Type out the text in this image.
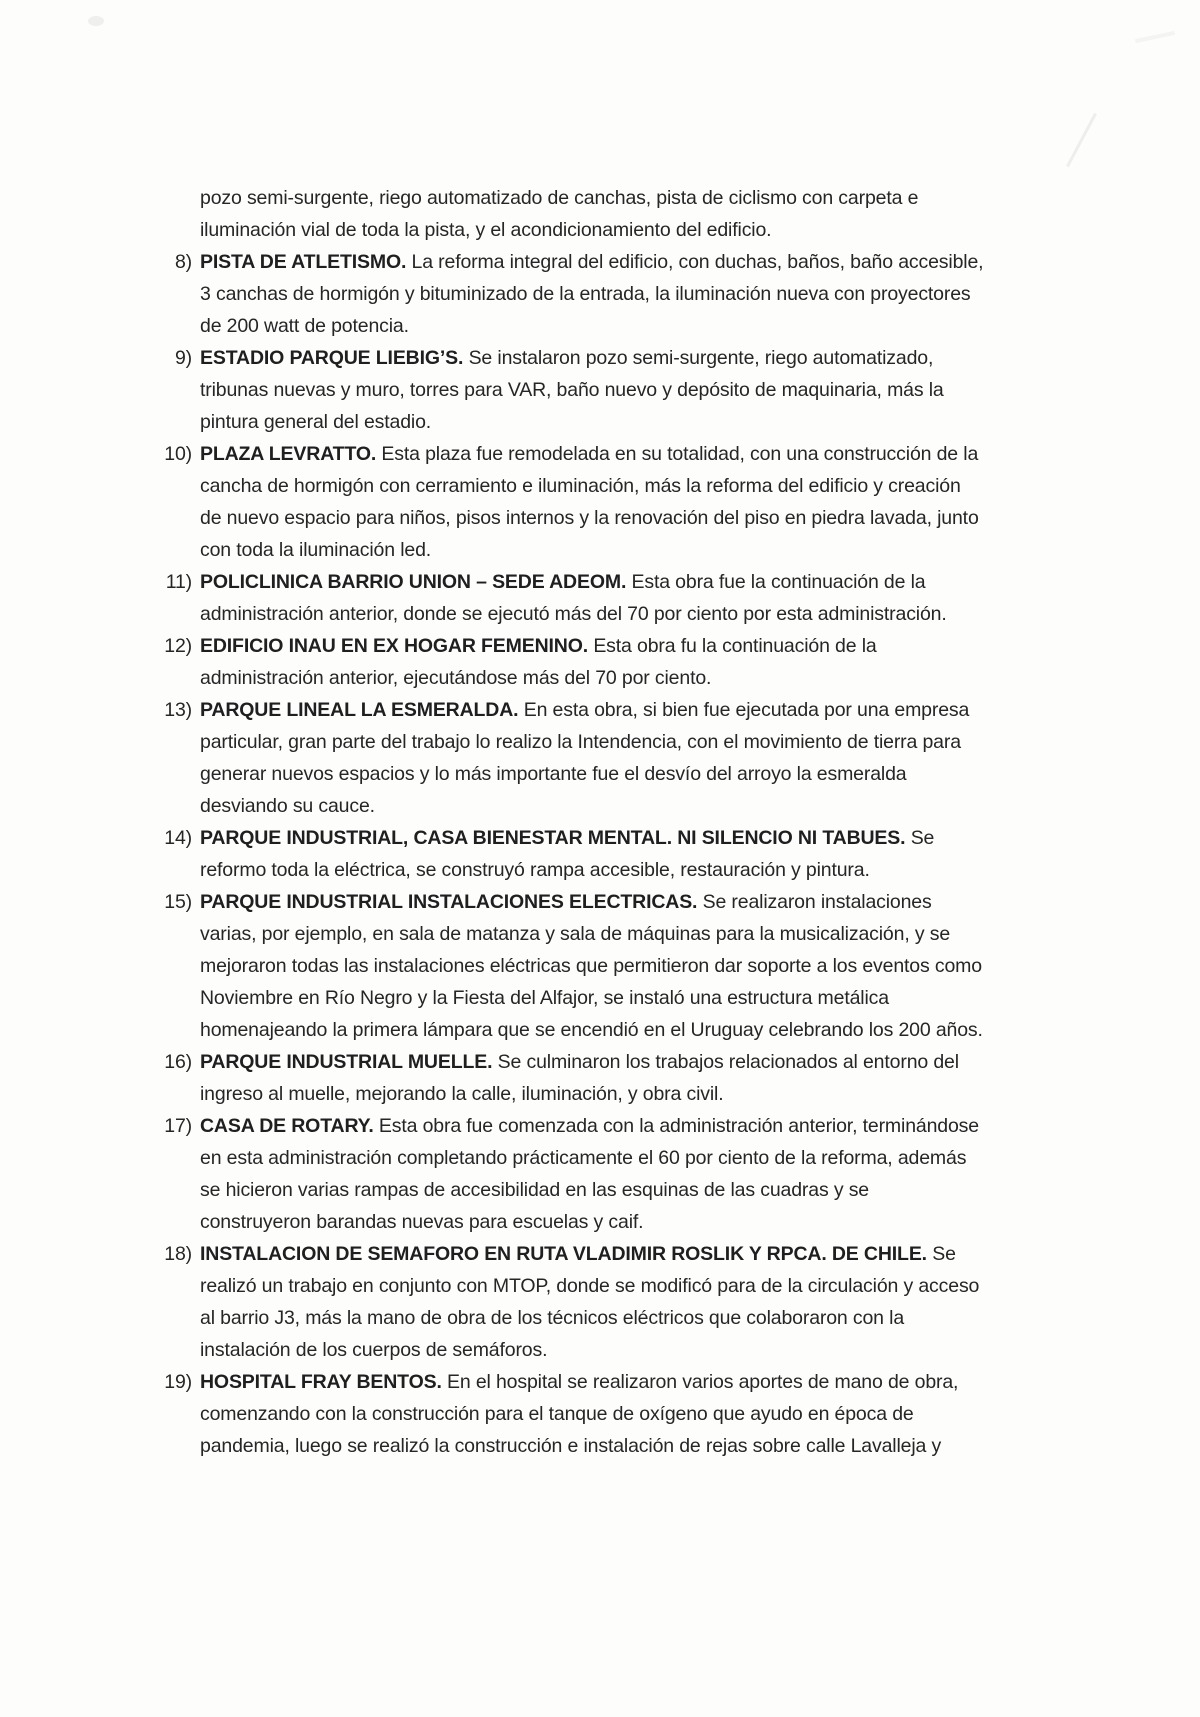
pozo semi-surgente, riego automatizado de canchas, pista de ciclismo con carpeta e iluminación vial de toda la pista, y el acondicionamiento del edificio.

8) PISTA DE ATLETISMO. La reforma integral del edificio, con duchas, baños, baño accesible, 3 canchas de hormigón y bituminizado de la entrada, la iluminación nueva con proyectores de 200 watt de potencia.
9) ESTADIO PARQUE LIEBIG’S. Se instalaron pozo semi-surgente, riego automatizado, tribunas nuevas y muro, torres para VAR, baño nuevo y depósito de maquinaria, más la pintura general del estadio.
10) PLAZA LEVRATTO. Esta plaza fue remodelada en su totalidad, con una construcción de la cancha de hormigón con cerramiento e iluminación, más la reforma del edificio y creación de nuevo espacio para niños, pisos internos y la renovación del piso en piedra lavada, junto con toda la iluminación led.
11) POLICLINICA BARRIO UNION – SEDE ADEOM. Esta obra fue la continuación de la administración anterior, donde se ejecutó más del 70 por ciento por esta administración.
12) EDIFICIO INAU EN EX HOGAR FEMENINO. Esta obra fu la continuación de la administración anterior, ejecutándose más del 70 por ciento.
13) PARQUE LINEAL LA ESMERALDA. En esta obra, si bien fue ejecutada por una empresa particular, gran parte del trabajo lo realizo la Intendencia, con el movimiento de tierra para generar nuevos espacios y lo más importante fue el desvío del arroyo la esmeralda desviando su cauce.
14) PARQUE INDUSTRIAL, CASA BIENESTAR MENTAL. NI SILENCIO NI TABUES. Se reformo toda la eléctrica, se construyó rampa accesible, restauración y pintura.
15) PARQUE INDUSTRIAL INSTALACIONES ELECTRICAS. Se realizaron instalaciones varias, por ejemplo, en sala de matanza y sala de máquinas para la musicalización, y se mejoraron todas las instalaciones eléctricas que permitieron dar soporte a los eventos como Noviembre en Río Negro y la Fiesta del Alfajor, se instaló una estructura metálica homenajeando la primera lámpara que se encendió en el Uruguay celebrando los 200 años.
16) PARQUE INDUSTRIAL MUELLE. Se culminaron los trabajos relacionados al entorno del ingreso al muelle, mejorando la calle, iluminación, y obra civil.
17) CASA DE ROTARY. Esta obra fue comenzada con la administración anterior, terminándose en esta administración completando prácticamente el 60 por ciento de la reforma, además se hicieron varias rampas de accesibilidad en las esquinas de las cuadras y se construyeron barandas nuevas para escuelas y caif.
18) INSTALACION DE SEMAFORO EN RUTA VLADIMIR ROSLIK Y RPCA. DE CHILE. Se realizó un trabajo en conjunto con MTOP, donde se modificó para de la circulación y acceso al barrio J3, más la mano de obra de los técnicos eléctricos que colaboraron con la instalación de los cuerpos de semáforos.
19) HOSPITAL FRAY BENTOS. En el hospital se realizaron varios aportes de mano de obra, comenzando con la construcción para el tanque de oxígeno que ayudo en época de pandemia, luego se realizó la construcción e instalación de rejas sobre calle Lavalleja y
